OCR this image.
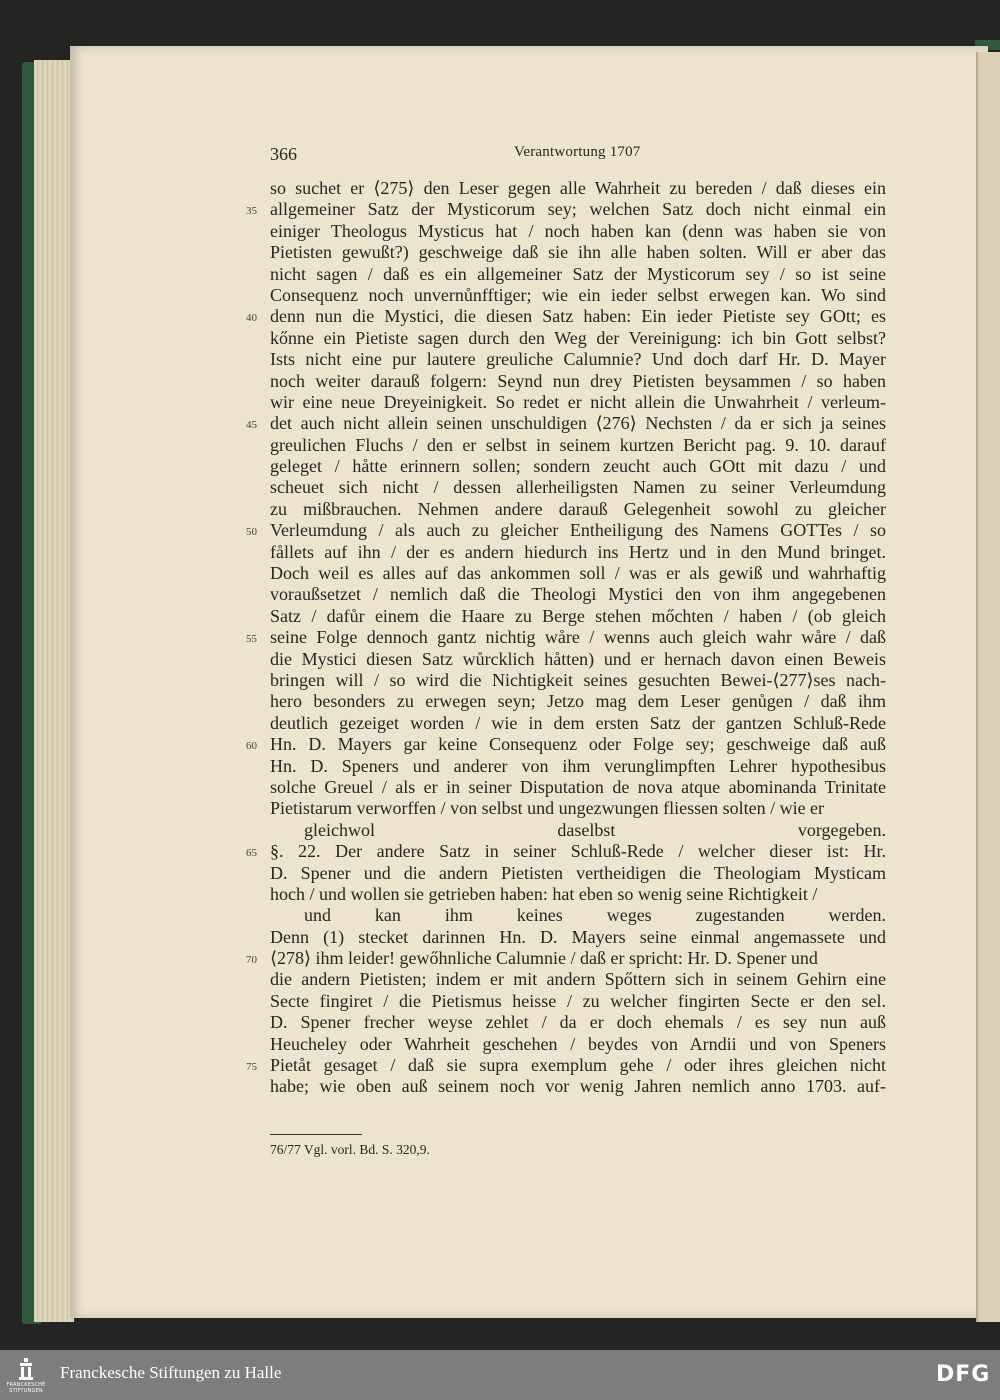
366	Verantwortung 1707
so suchet er ⟨275⟩ den Leser gegen alle Wahrheit zu bereden / daß dieses ein
35 allgemeiner Satz der Mysticorum sey; welchen Satz doch nicht einmal ein
einiger Theologus Mysticus hat / noch haben kan (denn was haben sie von
Pietisten gewußt?) geschweige daß sie ihn alle haben solten. Will er aber das
nicht sagen / daß es ein allgemeiner Satz der Mysticorum sey / so ist seine
Consequenz noch unvernůnfftiger; wie ein ieder selbst erwegen kan. Wo sind
40 denn nun die Mystici, die diesen Satz haben: Ein ieder Pietiste sey GOtt; es
kőnne ein Pietiste sagen durch den Weg der Vereinigung: ich bin Gott selbst?
Ists nicht eine pur lautere greuliche Calumnie? Und doch darf Hr. D. Mayer
noch weiter darauß folgern: Seynd nun drey Pietisten beysammen / so haben
wir eine neue Dreyeinigkeit. So redet er nicht allein die Unwahrheit / verleum-
45 det auch nicht allein seinen unschuldigen ⟨276⟩ Nechsten / da er sich ja seines
greulichen Fluchs / den er selbst in seinem kurtzen Bericht pag. 9. 10. darauf
geleget / håtte erinnern sollen; sondern zeucht auch GOtt mit dazu / und
scheuet sich nicht / dessen allerheiligsten Namen zu seiner Verleumdung
zu mißbrauchen. Nehmen andere darauß Gelegenheit sowohl zu gleicher
50 Verleumdung / als auch zu gleicher Entheiligung des Namens GOTTes / so
fållets auf ihn / der es andern hiedurch ins Hertz und in den Mund bringet.
Doch weil es alles auf das ankommen soll / was er als gewiß und wahrhaftig
voraußsetzet / nemlich daß die Theologi Mystici den von ihm angegebenen
Satz / dafůr einem die Haare zu Berge stehen mőchten / haben / (ob gleich
55 seine Folge dennoch gantz nichtig wåre / wenns auch gleich wahr wåre / daß
die Mystici diesen Satz wůrcklich håtten) und er hernach davon einen Beweis
bringen will / so wird die Nichtigkeit seines gesuchten Bewei-⟨277⟩ses nach-
hero besonders zu erwegen seyn; Jetzo mag dem Leser genůgen / daß ihm
deutlich gezeiget worden / wie in dem ersten Satz der gantzen Schluß-Rede
60 Hn. D. Mayers gar keine Consequenz oder Folge sey; geschweige daß auß
Hn. D. Speners und anderer von ihm verunglimpften Lehrer hypothesibus
solche Greuel / als er in seiner Disputation de nova atque abominanda Trinitate
Pietistarum verworffen / von selbst und ungezwungen fliessen solten / wie er
gleichwol daselbst vorgegeben.
65 §. 22. Der andere Satz in seiner Schluß-Rede / welcher dieser ist: Hr.
D. Spener und die andern Pietisten vertheidigen die Theologiam Mysticam
hoch / und wollen sie getrieben haben: hat eben so wenig seine Richtigkeit /
und kan ihm keines weges zugestanden werden.
Denn (1) stecket darinnen Hn. D. Mayers seine einmal angemassete und
70 ⟨278⟩ ihm leider! gewőhnliche Calumnie / daß er spricht: Hr. D. Spener und
die andern Pietisten; indem er mit andern Spőttern sich in seinem Gehirn eine
Secte fingiret / die Pietismus heisse / zu welcher fingirten Secte er den sel.
D. Spener frecher weyse zehlet / da er doch ehemals / es sey nun auß
Heucheley oder Wahrheit geschehen / beydes von Arndii und von Speners
75 Pietåt gesaget / daß sie supra exemplum gehe / oder ihres gleichen nicht
habe; wie oben auß seinem noch vor wenig Jahren nemlich anno 1703. auf-
76/77 Vgl. vorl. Bd. S. 320,9.
FRANCKESCHE
STIFTUNGEN
Franckesche Stiftungen zu Halle	DFG
